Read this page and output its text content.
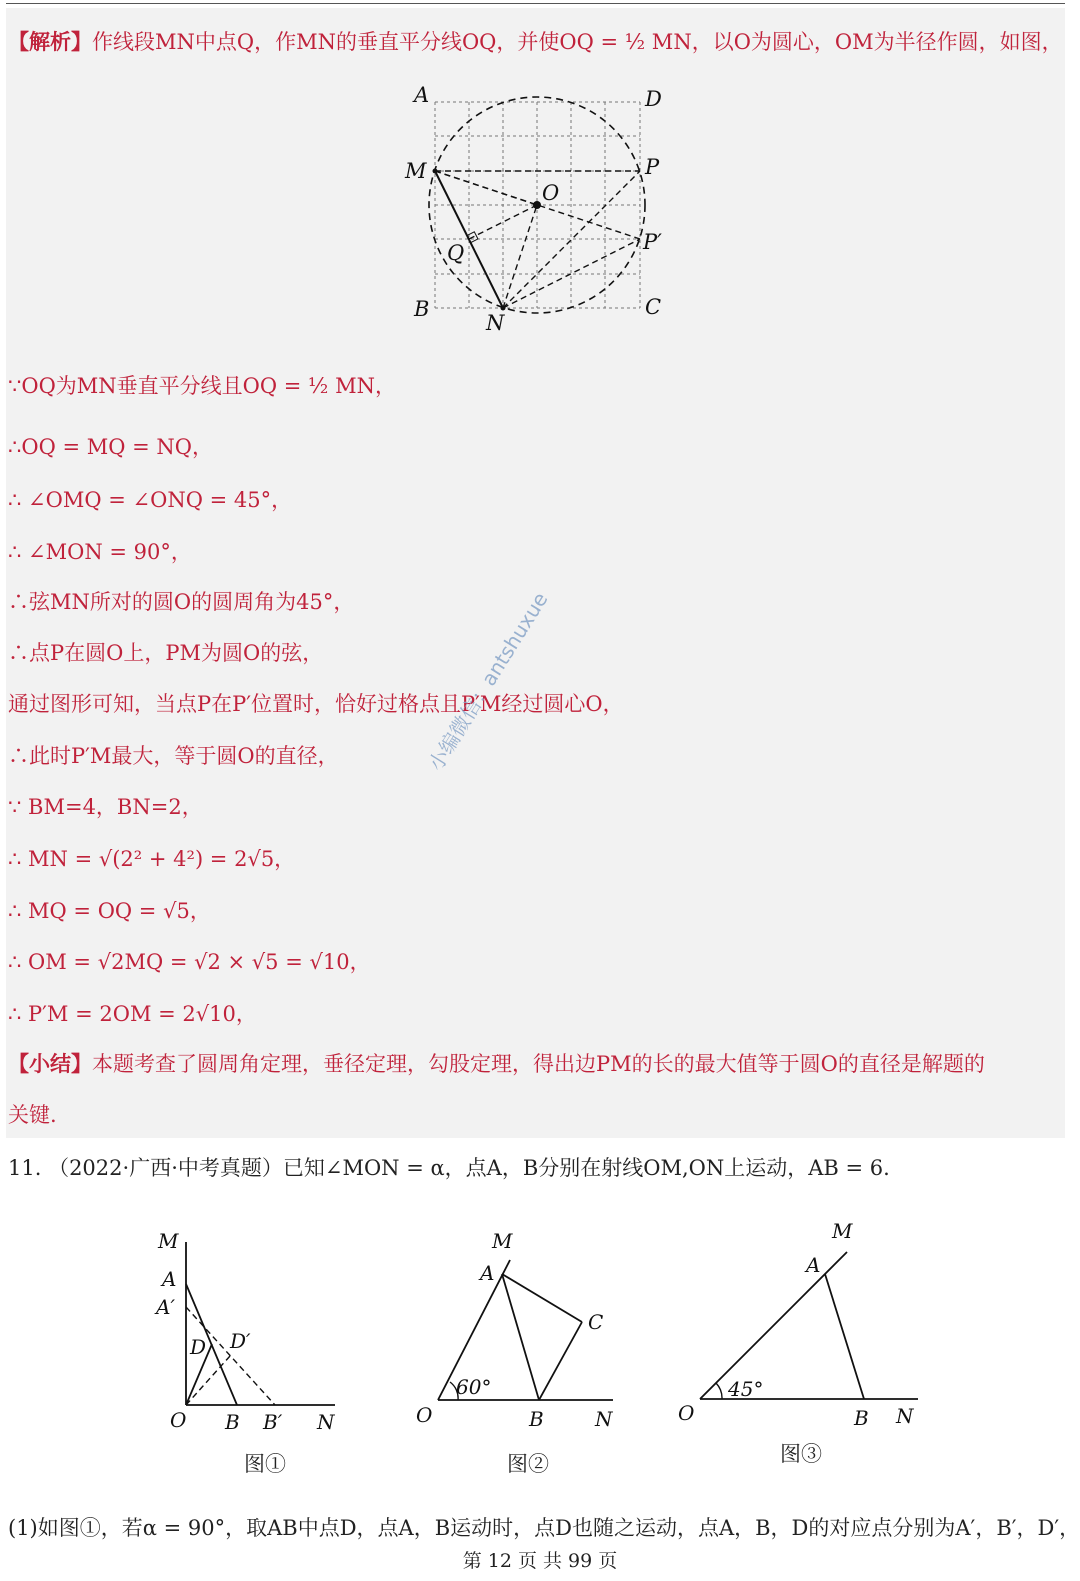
【解析】作线段MN中点Q，作MN的垂直平分线OQ，并使OQ = ½ MN，以O为圆心，OM为半径作圆，如图，
A	D
M	P
O
P′
Q
B
N
C
∵OQ为MN垂直平分线且OQ = ½ MN，
∴OQ = MQ = NQ，
∴ ∠OMQ = ∠ONQ = 45°，
∴ ∠MON = 90°，
∴弦MN所对的圆O的圆周角为45°，
∴点P在圆O上，PM为圆O的弦，
通过图形可知，当点P在P′位置时，恰好过格点且P′M经过圆心O，
∴此时P′M最大，等于圆O的直径，
∵ BM=4，BN=2，
∴ MN = √(2² + 4²) = 2√5，
∴ MQ = OQ = √5，
∴ OM = √2MQ = √2 × √5 = √10，
∴ P′M = 2OM = 2√10，
【小结】本题考查了圆周角定理，垂径定理，勾股定理，得出边PM的长的最大值等于圆O的直径是解题的
关键.
小编微信：antshuxue
11. （2022·广西·中考真题）已知∠MON = α，点A，B分别在射线OM,ON上运动，AB = 6.
M
A
A′
D D′
O B B′ N
图①
M
A
C
60°
O	B	N
图②
M
A
45°
O	B N
图③
(1)如图①，若α = 90°，取AB中点D，点A，B运动时，点D也随之运动，点A，B，D的对应点分别为A′，B′，D′，
第 12 页 共 99 页
